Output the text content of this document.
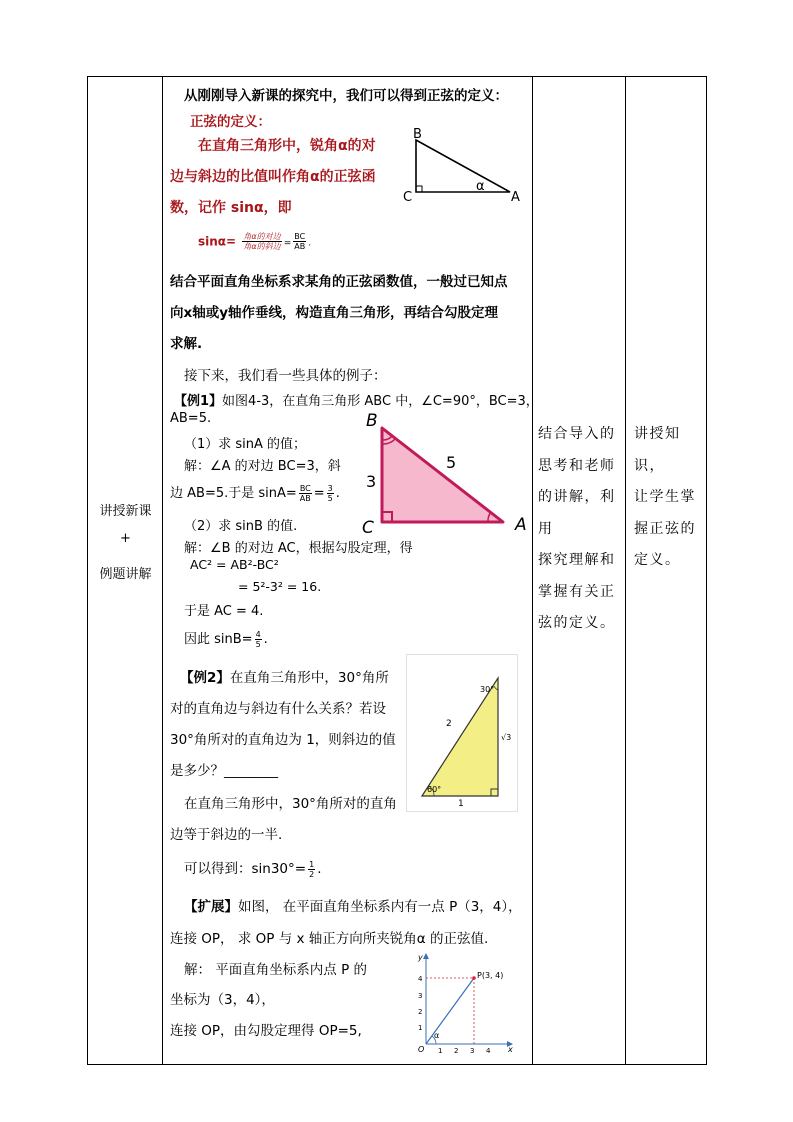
讲授新课
+
例题讲解
从刚刚导入新课的探究中，我们可以得到正弦的定义：
正弦的定义：
在直角三角形中，锐角α的对
边与斜边的比值叫作角α的正弦函
数，记作 sinα，即
$\sin\alpha= \frac{\text{角α的对边}}{\text{角α的斜边}} = \frac{BC}{AB}$ .
B
C	A
α
结合平面直角坐标系求某角的正弦函数值，一般过已知点
向x轴或y轴作垂线，构造直角三角形，再结合勾股定理
求解.
接下来，我们看一些具体的例子：
【例1】如图4-3，在直角三角形 ABC 中，∠C=90°，BC=3，
AB=5.
（1）求 sinA 的值；
解：∠A 的对边 BC=3，斜
边 AB=5.于是 $\sin A= \frac{BC}{AB} = \frac{3}{5}$ .
（2）求 sinB 的值.
解：∠B 的对边 AC，根据勾股定理，得
AC² = AB²-BC²
= 5²-3² = 16.
于是 AC = 4.
因此 $\sin B= \frac{4}{5}$ .
B
C	A
5
3
【例2】在直角三角形中，30°角所
对的直角边与斜边有什么关系？若设
30°角所对的直角边为 1，则斜边的值
是多少？________
在直角三角形中，30°角所对的直角
边等于斜边的一半.
可以得到：$\sin 30^\circ= \frac{1}{2}$ .
30°
60°
2
1
√3
【扩展】如图， 在平面直角坐标系内有一点 P（3，4），
连接 OP， 求 OP 与 x 轴正方向所夹锐角α 的正弦值.
解： 平面直角坐标系内点 P 的
坐标为（3，4），
连接 OP，由勾股定理得 OP=5,
y
x
O
P(3, 4)
α
1 2 3 4
1
2
3
4
结合导入的
思考和老师
的讲解，利用
探究理解和
掌握有关正
弦的定义。
讲授知识，
让学生掌
握正弦的
定义。
